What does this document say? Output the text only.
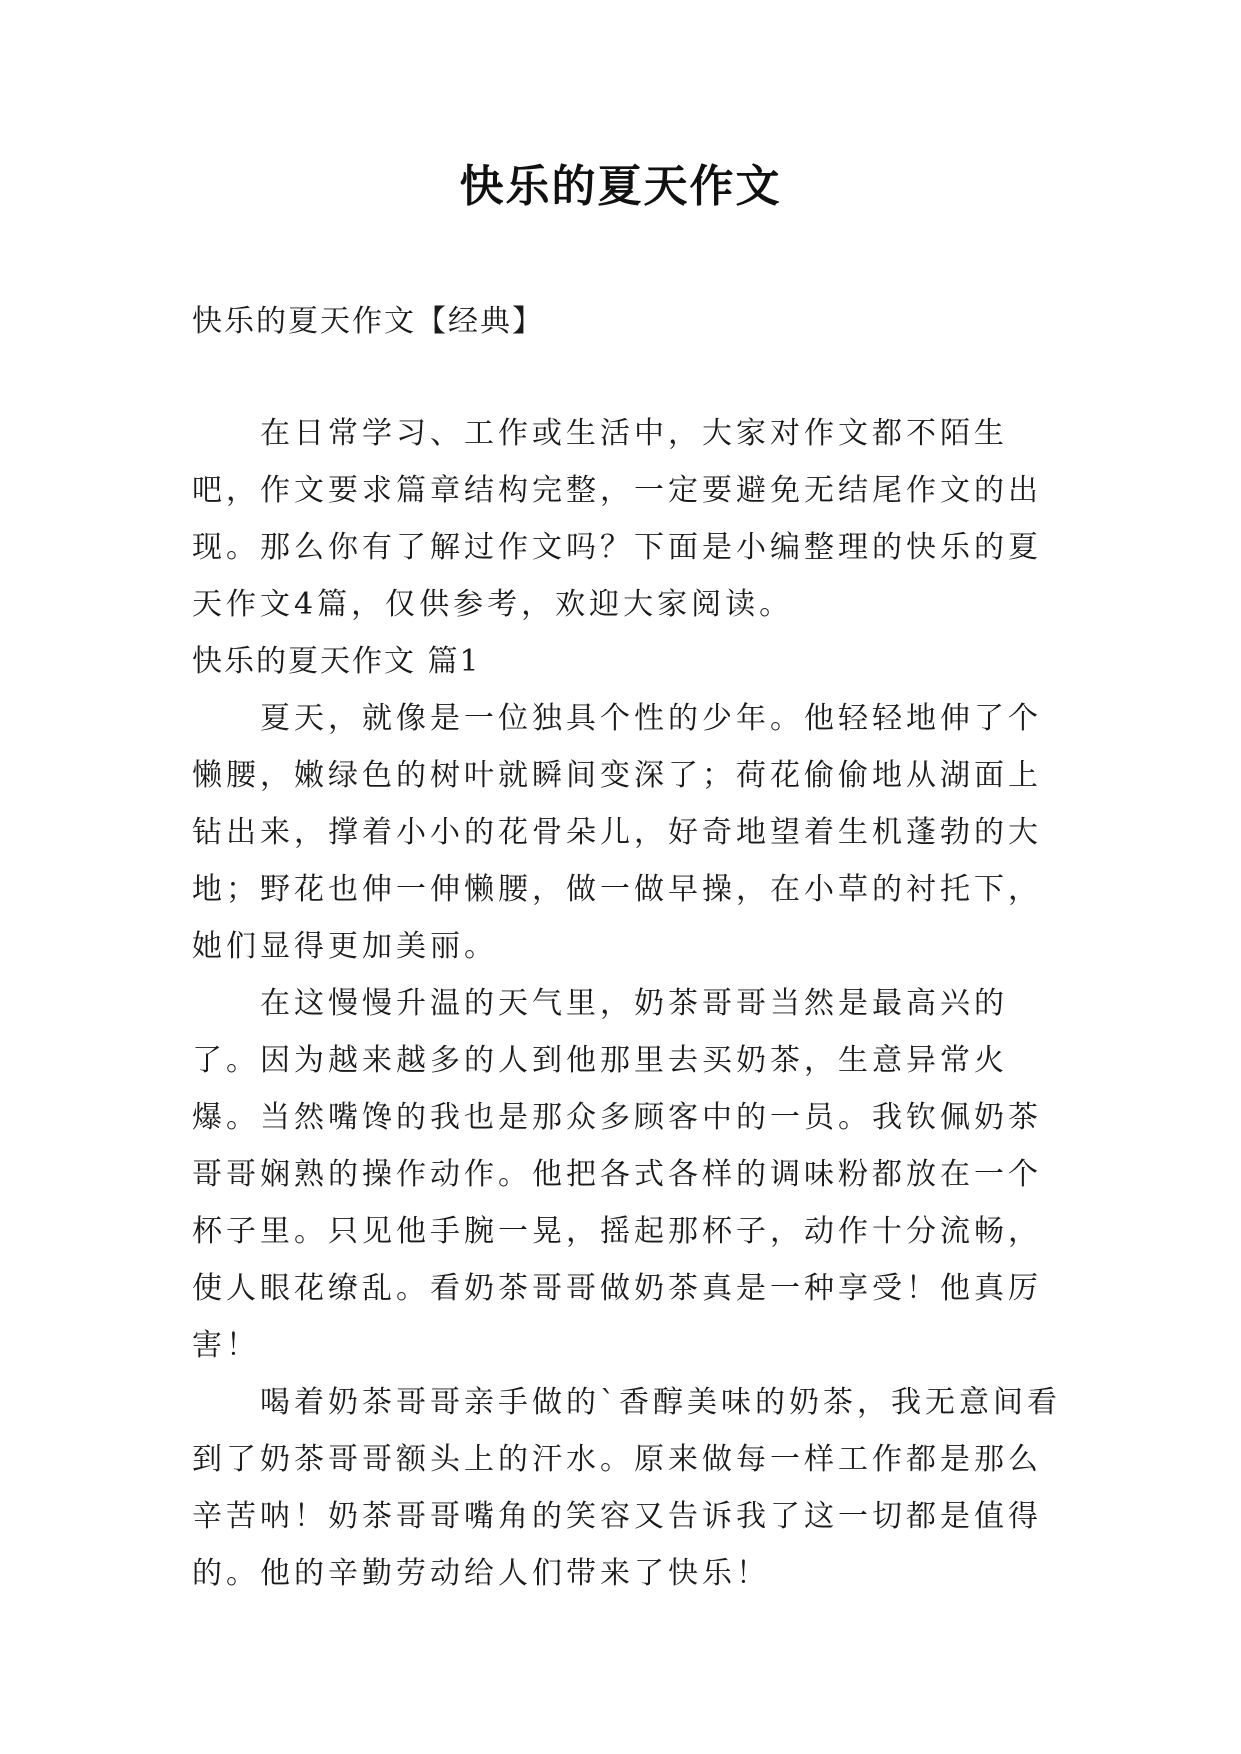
快乐的夏天作文
快乐的夏天作文【经典】

在日常学习、工作或生活中，大家对作文都不陌生吧，作文要求篇章结构完整，一定要避免无结尾作文的出现。那么你有了解过作文吗？下面是小编整理的快乐的夏天作文4篇，仅供参考，欢迎大家阅读。

快乐的夏天作文 篇1

夏天，就像是一位独具个性的少年。他轻轻地伸了个懒腰，嫩绿色的树叶就瞬间变深了；荷花偷偷地从湖面上钻出来，撑着小小的花骨朵儿，好奇地望着生机蓬勃的大地；野花也伸一伸懒腰，做一做早操，在小草的衬托下，她们显得更加美丽。

在这慢慢升温的天气里，奶茶哥哥当然是最高兴的了。因为越来越多的人到他那里去买奶茶，生意异常火爆。当然嘴馋的我也是那众多顾客中的一员。我钦佩奶茶哥哥娴熟的操作动作。他把各式各样的调味粉都放在一个杯子里。只见他手腕一晃，摇起那杯子，动作十分流畅，使人眼花缭乱。看奶茶哥哥做奶茶真是一种享受！他真厉害！

喝着奶茶哥哥亲手做的`香醇美味的奶茶，我无意间看到了奶茶哥哥额头上的汗水。原来做每一样工作都是那么辛苦呐！奶茶哥哥嘴角的笑容又告诉我了这一切都是值得的。他的辛勤劳动给人们带来了快乐！
